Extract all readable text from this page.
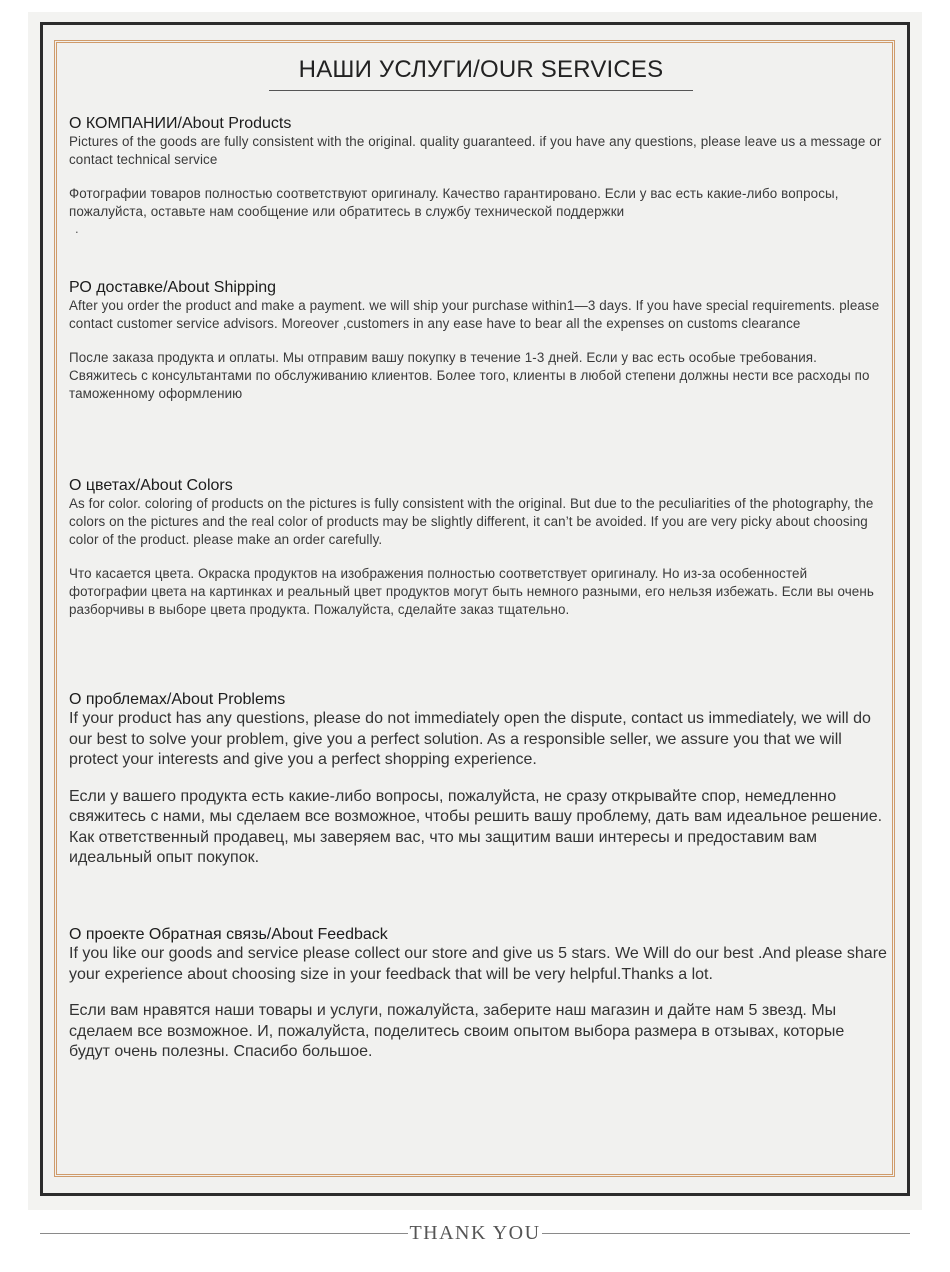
НАШИ УСЛУГИ/OUR SERVICES
О КОМПАНИИ/About Products
Pictures of the goods are fully consistent with the original. quality guaranteed. if you have any questions, please leave us a message or contact technical service
Фотографии товаров полностью соответствуют оригиналу. Качество гарантировано. Если у вас есть какие-либо вопросы, пожалуйста, оставьте нам сообщение или обратитесь в службу технической поддержки
.
РО доставке/About Shipping
After you order the product and make a payment. we will ship your purchase within1—3 days. If you have special requirements. please contact customer service advisors. Moreover ,customers in any ease have to bear all the expenses on customs clearance
После заказа продукта и оплаты. Мы отправим вашу покупку в течение 1-3 дней. Если у вас есть особые требования. Свяжитесь с консультантами по обслуживанию клиентов. Более того, клиенты в любой степени должны нести все расходы по таможенному оформлению
О цветах/About Colors
As for color. coloring of products on the pictures is fully consistent with the original. But due to the peculiarities of the photography, the colors on the pictures and the real color of products may be slightly different, it can’t be avoided. If you are very picky about choosing color of the product. please make an order carefully.
Что касается цвета. Окраска продуктов на изображения полностью соответствует оригиналу. Но из-за особенностей фотографии цвета на картинках и реальный цвет продуктов могут быть немного разными, его нельзя избежать. Если вы очень разборчивы в выборе цвета продукта. Пожалуйста, сделайте заказ тщательно.
О проблемах/About Problems
If your product has any questions, please do not immediately open the dispute, contact us immediately, we will do our best to solve your problem, give you a perfect solution. As a responsible seller, we assure you that we will protect your interests and give you a perfect shopping experience.
Если у вашего продукта есть какие-либо вопросы, пожалуйста, не сразу открывайте спор, немедленно свяжитесь с нами, мы сделаем все возможное, чтобы решить вашу проблему, дать вам идеальное решение. Как ответственный продавец, мы заверяем вас, что мы защитим ваши интересы и предоставим вам идеальный опыт покупок.
О проекте Обратная связь/About Feedback
If you like our goods and service please collect our store and give us 5 stars. We Will do our best .And please share your experience about choosing size in your feedback that will be very helpful.Thanks a lot.
Если вам нравятся наши товары и услуги, пожалуйста, заберите наш магазин и дайте нам 5 звезд. Мы сделаем все возможное. И, пожалуйста, поделитесь своим опытом выбора размера в отзывах, которые будут очень полезны. Спасибо большое.
THANK YOU
